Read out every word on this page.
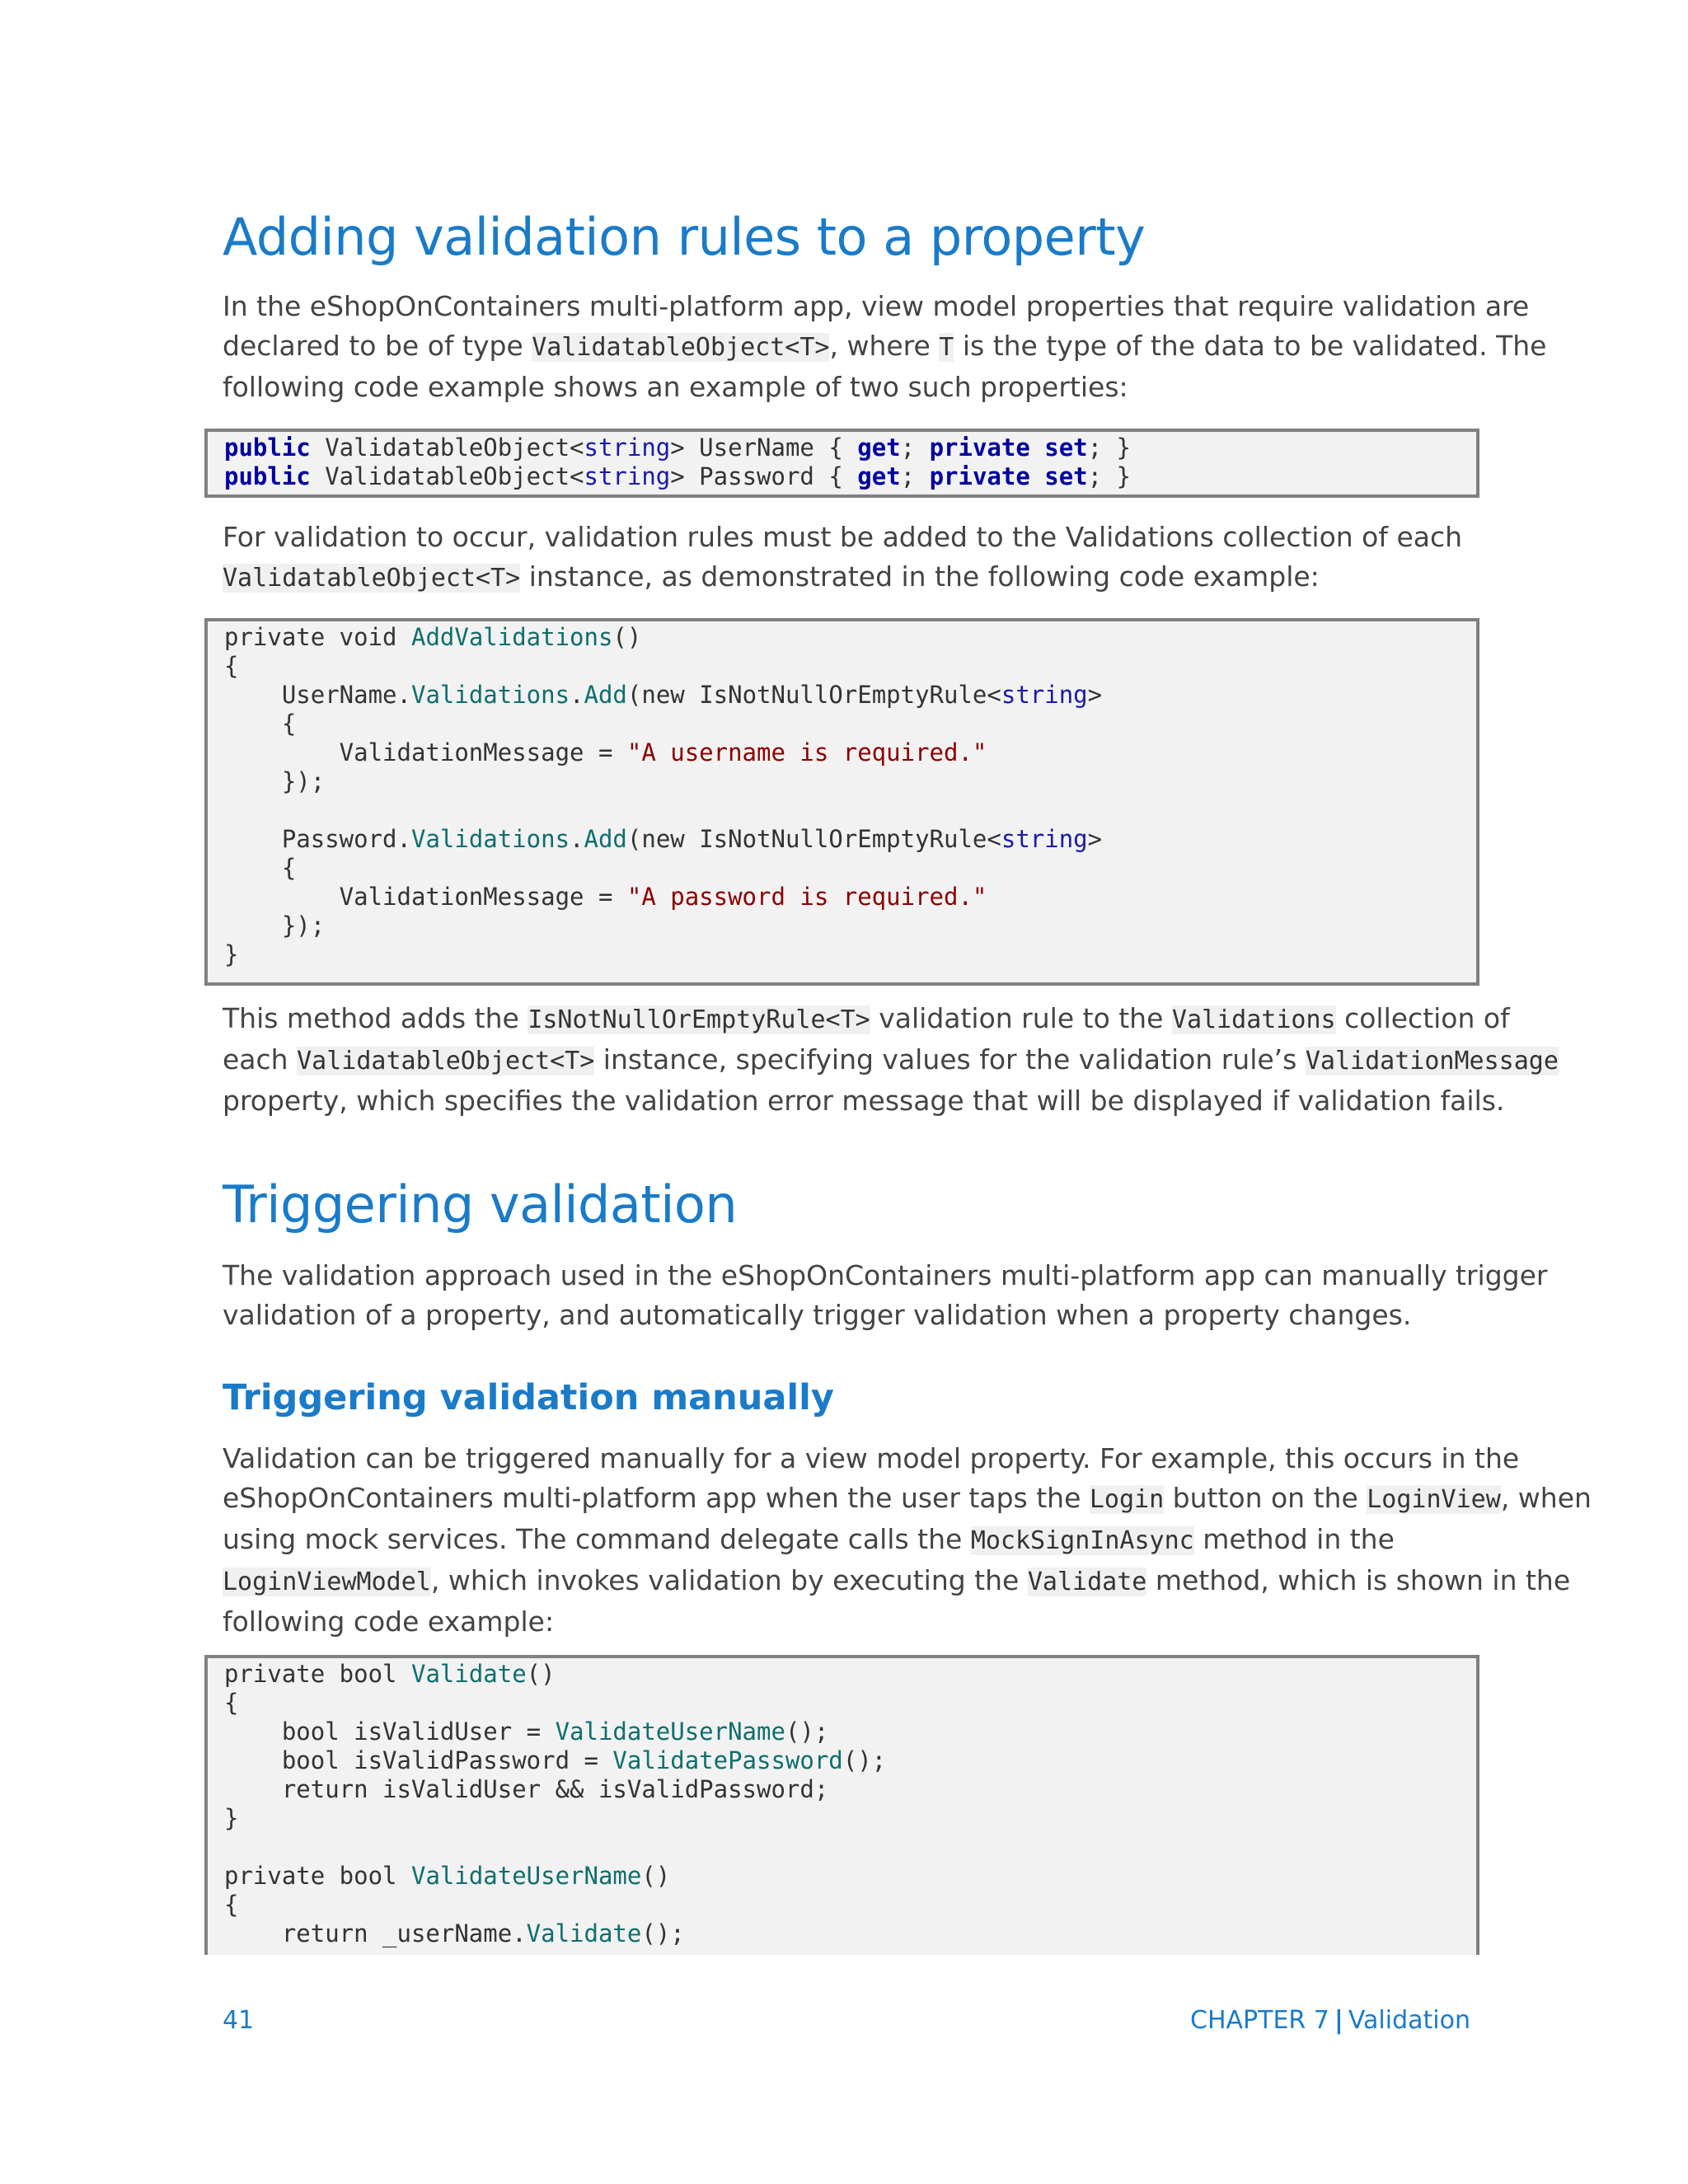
Adding validation rules to a property
In the eShopOnContainers multi-platform app, view model properties that require validation are
declared to be of type ValidatableObject<T>, where T is the type of the data to be validated. The
following code example shows an example of two such properties:
public ValidatableObject<string> UserName { get; private set; }
public ValidatableObject<string> Password { get; private set; }
For validation to occur, validation rules must be added to the Validations collection of each
ValidatableObject<T> instance, as demonstrated in the following code example:
private void AddValidations()
{
UserName.Validations.Add(new IsNotNullOrEmptyRule<string>
{
ValidationMessage = "A username is required."
});
Password.Validations.Add(new IsNotNullOrEmptyRule<string>
{
ValidationMessage = "A password is required."
});
}
This method adds the IsNotNullOrEmptyRule<T> validation rule to the Validations collection of
each ValidatableObject<T> instance, specifying values for the validation rule’s ValidationMessage
property, which specifies the validation error message that will be displayed if validation fails.
Triggering validation
The validation approach used in the eShopOnContainers multi-platform app can manually trigger
validation of a property, and automatically trigger validation when a property changes.
Triggering validation manually
Validation can be triggered manually for a view model property. For example, this occurs in the
eShopOnContainers multi-platform app when the user taps the Login button on the LoginView, when
using mock services. The command delegate calls the MockSignInAsync method in the
LoginViewModel, which invokes validation by executing the Validate method, which is shown in the
following code example:
private bool Validate()
{
bool isValidUser = ValidateUserName();
bool isValidPassword = ValidatePassword();
return isValidUser && isValidPassword;
}
private bool ValidateUserName()
{
return _userName.Validate();
41	CHAPTER 7 | Validation
